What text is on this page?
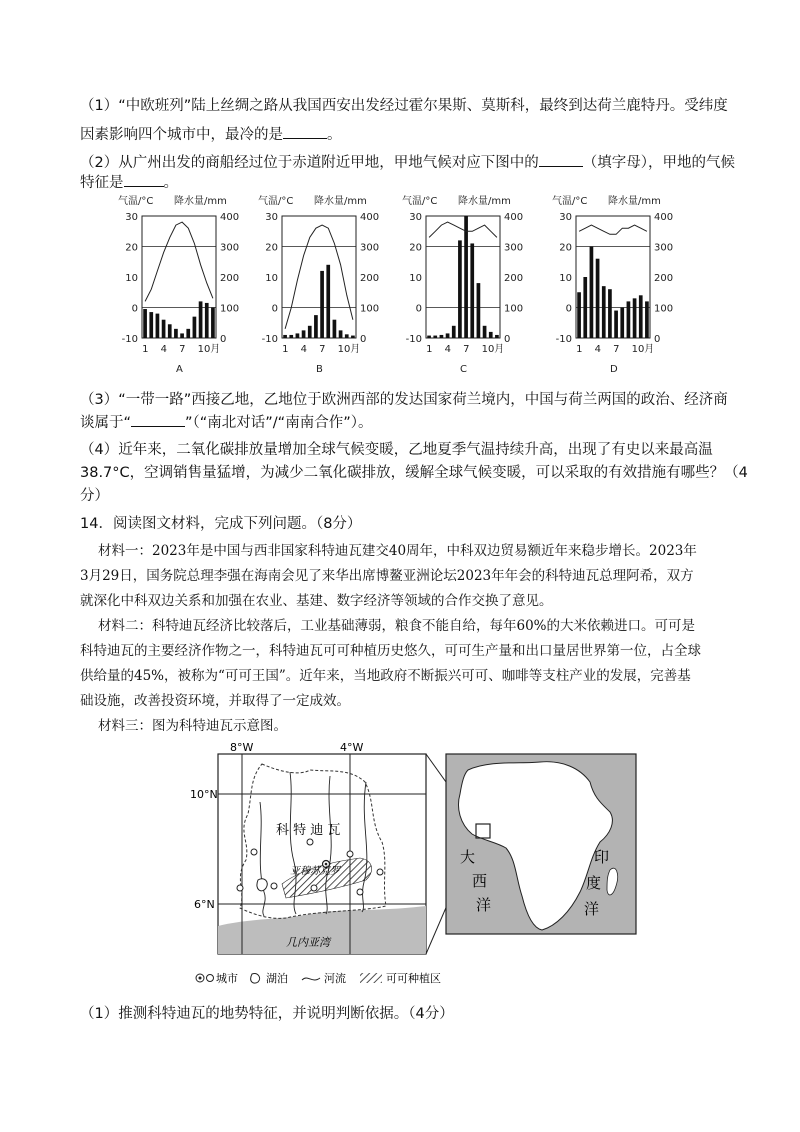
（1）“中欧班列”陆上丝绸之路从我国西安出发经过霍尔果斯、莫斯科，最终到达荷兰鹿特丹。受纬度
因素影响四个城市中，最冷的是	。
（2）从广州出发的商船经过位于赤道附近甲地，甲地气候对应下图中的	（填字母），甲地的气候
特征是	。
气温/°C 降水量/mm
30
20
10
0
-10
400
300
200
100
0
1 4 7 10月
A
气温/°C 降水量/mm
30
20
10
0
-10
400
300
200
100
0
1 4 7 10月
B
气温/°C 降水量/mm
30
20
10
0
-10
400
300
200
100
0
1 4 7 10月
C
气温/°C 降水量/mm
30
20
10
0
-10
400
300
200
100
0
1 4 7 10月
D
（3）“一带一路”西接乙地，乙地位于欧洲西部的发达国家荷兰境内，中国与荷兰两国的政治、经济商
谈属于“	”（“南北对话”/“南南合作”）。
（4）近年来，二氧化碳排放量增加全球气候变暖，乙地夏季气温持续升高，出现了有史以来最高温
38.7°C，空调销售量猛增，为减少二氧化碳排放，缓解全球气候变暖，可以采取的有效措施有哪些？（4
分）
14．阅读图文材料，完成下列问题。（8分）
材料一：2023年是中国与西非国家科特迪瓦建交40周年，中科双边贸易额近年来稳步增长。2023年
3月29日，国务院总理李强在海南会见了来华出席博鳌亚洲论坛2023年年会的科特迪瓦总理阿希，双方
就深化中科双边关系和加强在农业、基建、数字经济等领域的合作交换了意见。
材料二：科特迪瓦经济比较落后，工业基础薄弱，粮食不能自给，每年60%的大米依赖进口。可可是
科特迪瓦的主要经济作物之一，科特迪瓦可可种植历史悠久，可可生产量和出口量居世界第一位，占全球
供给量的45%，被称为“可可王国”。近年来，当地政府不断振兴可可、咖啡等支柱产业的发展，完善基
础设施，改善投资环境，并取得了一定成效。
材料三：图为科特迪瓦示意图。
8°W	4°W
10°N
6°N
科 特 迪 瓦
亚穆苏克罗
几内亚湾
大
西
洋
印
度
洋
城市	湖泊	河流	可可种植区
（1）推测科特迪瓦的地势特征，并说明判断依据。（4分）
